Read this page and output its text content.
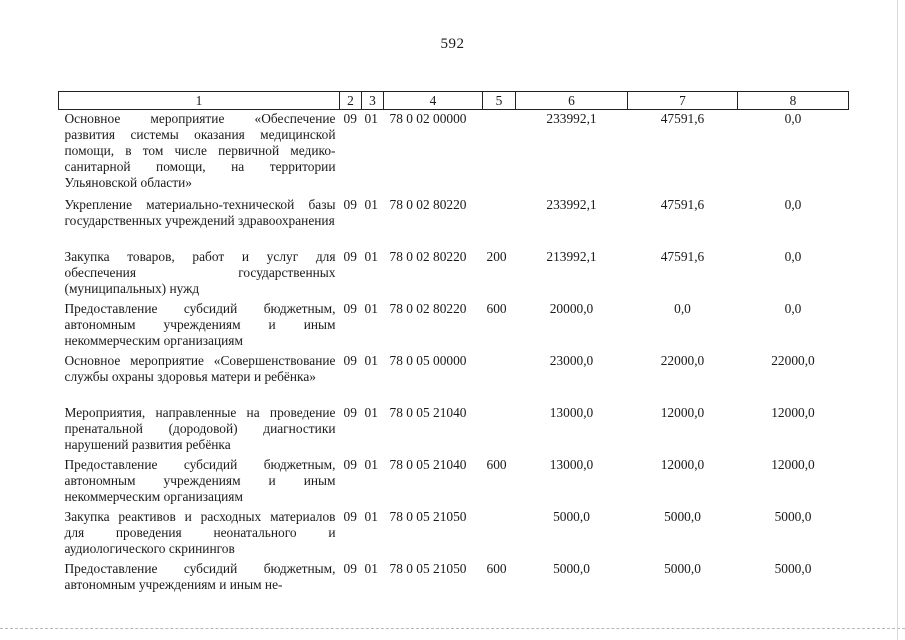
592
1	2	3	4	5	6	7	8
Основное мероприятие «Обеспечение развития системы оказания медицинской помощи, в том числе первичной медико-санитарной помощи, на территории Ульяновской области»	09	01	78 0 02 00000		233992,1	47591,6	0,0
Укрепление материально-технической базы государственных учреждений здравоохранения	09	01	78 0 02 80220		233992,1	47591,6	0,0
Закупка товаров, работ и услуг для обеспечения государственных (муниципальных) нужд	09	01	78 0 02 80220	200	213992,1	47591,6	0,0
Предоставление субсидий бюджетным, автономным учреждениям и иным некоммерческим организациям	09	01	78 0 02 80220	600	20000,0	0,0	0,0
Основное мероприятие «Совершенствование службы охраны здоровья матери и ребёнка»	09	01	78 0 05 00000		23000,0	22000,0	22000,0
Мероприятия, направленные на проведение пренатальной (дородовой) диагностики нарушений развития ребёнка	09	01	78 0 05 21040		13000,0	12000,0	12000,0
Предоставление субсидий бюджетным, автономным учреждениям и иным некоммерческим организациям	09	01	78 0 05 21040	600	13000,0	12000,0	12000,0
Закупка реактивов и расходных материалов для проведения неонатального и аудиологического скринингов	09	01	78 0 05 21050		5000,0	5000,0	5000,0
Предоставление субсидий бюджетным, автономным учреждениям и иным не-	09	01	78 0 05 21050	600	5000,0	5000,0	5000,0
